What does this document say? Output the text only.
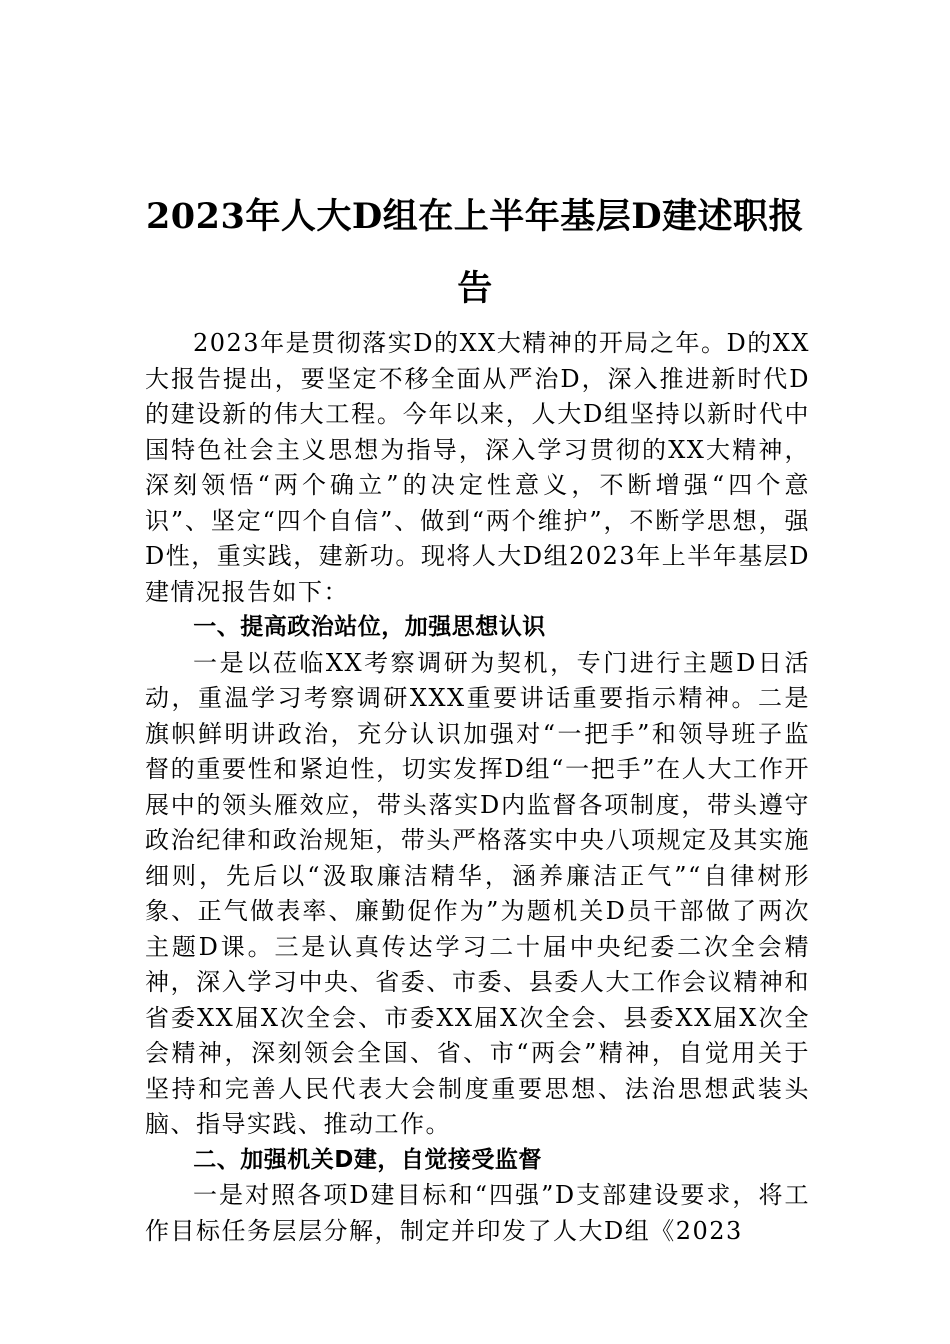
2023年人大D组在上半年基层D建述职报告

2023年是贯彻落实D的XX大精神的开局之年。D的XX大报告提出，要坚定不移全面从严治D，深入推进新时代D的建设新的伟大工程。今年以来，人大D组坚持以新时代中国特色社会主义思想为指导，深入学习贯彻的XX大精神，深刻领悟“两个确立”的决定性意义，不断增强“四个意识”、坚定“四个自信”、做到“两个维护”，不断学思想，强D性，重实践，建新功。现将人大D组2023年上半年基层D建情况报告如下：

一、提高政治站位，加强思想认识

一是以莅临XX考察调研为契机，专门进行主题D日活动，重温学习考察调研XXX重要讲话重要指示精神。二是旗帜鲜明讲政治，充分认识加强对“一把手”和领导班子监督的重要性和紧迫性，切实发挥D组“一把手”在人大工作开展中的领头雁效应，带头落实D内监督各项制度，带头遵守政治纪律和政治规矩，带头严格落实中央八项规定及其实施细则，先后以“汲取廉洁精华，涵养廉洁正气”“自律树形象、正气做表率、廉勤促作为”为题机关D员干部做了两次主题D课。三是认真传达学习二十届中央纪委二次全会精神，深入学习中央、省委、市委、县委人大工作会议精神和省委XX届X次全会、市委XX届X次全会、县委XX届X次全会精神，深刻领会全国、省、市“两会”精神，自觉用关于坚持和完善人民代表大会制度重要思想、法治思想武装头脑、指导实践、推动工作。

二、加强机关D建，自觉接受监督

一是对照各项D建目标和“四强”D支部建设要求，将工作目标任务层层分解，制定并印发了人大D组《2023
